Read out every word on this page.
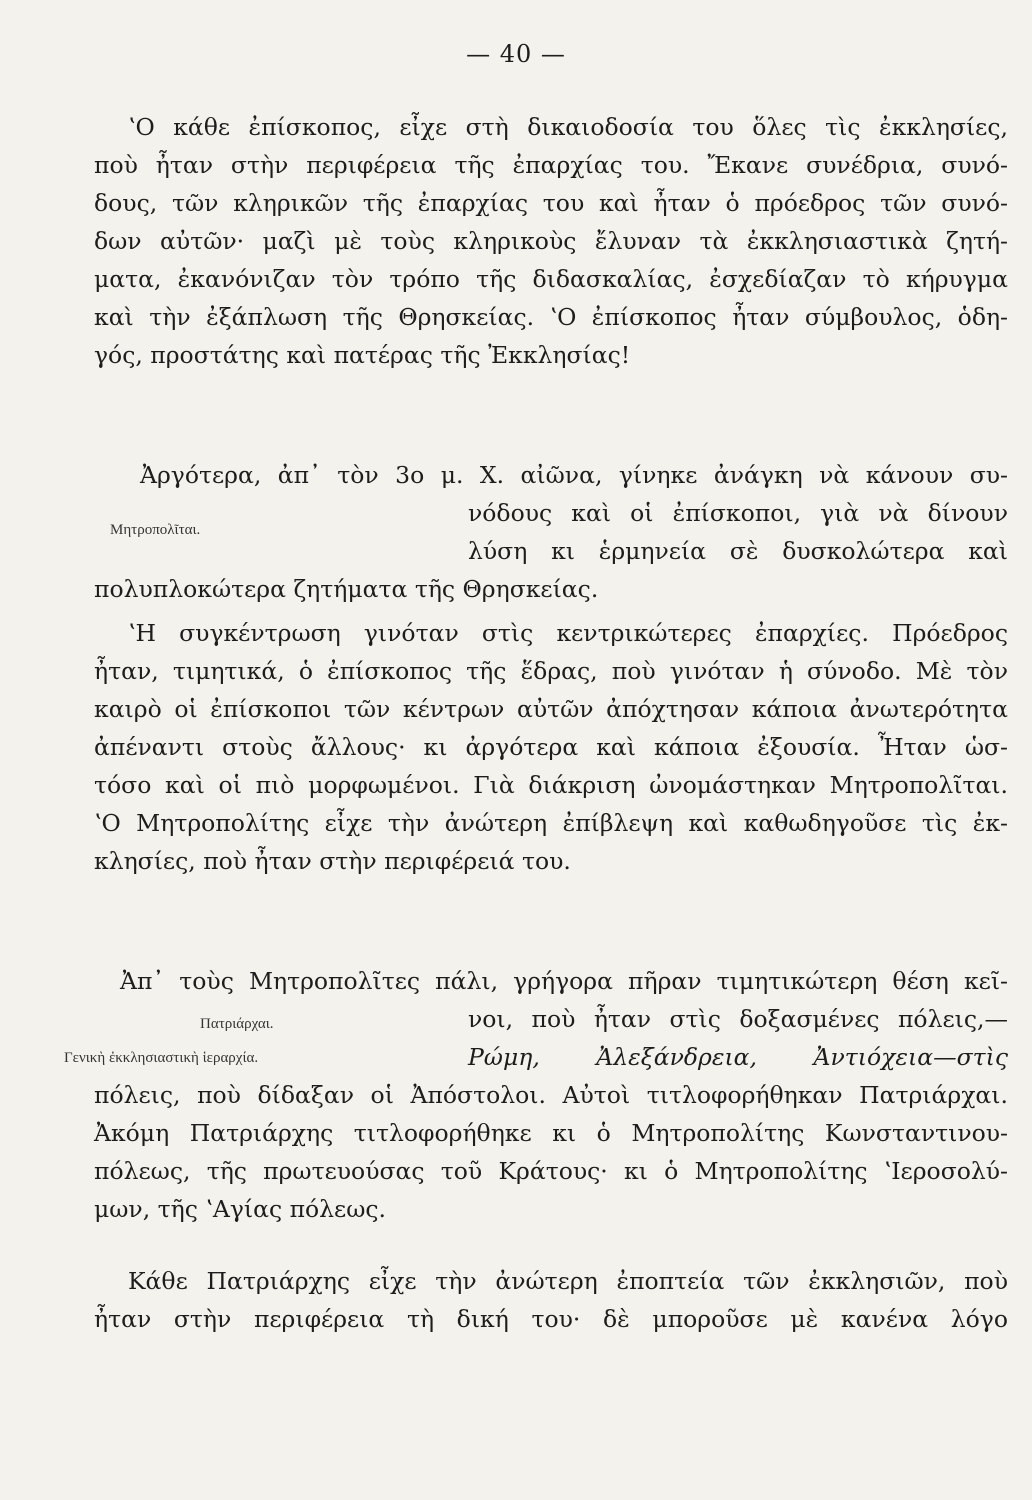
— 40 —
ʽΟ κάθε ἐπίσκοπος, εἶχε στὴ δικαιοδοσία του ὅλες τὶς ἐκκλησίες,
ποὺ ἦταν στὴν περιφέρεια τῆς ἐπαρχίας του. Ἔκανε συνέδρια, συνό-
δους, τῶν κληρικῶν τῆς ἐπαρχίας του καὶ ἦταν ὁ πρόεδρος τῶν συνό-
δων αὐτῶν· μαζὶ μὲ τοὺς κληρικοὺς ἔλυναν τὰ ἐκκλησιαστικὰ ζητή-
ματα, ἐκανόνιζαν τὸν τρόπο τῆς διδασκαλίας, ἐσχεδίαζαν τὸ κήρυγμα
καὶ τὴν ἐξάπλωση τῆς Θρησκείας. ʽΟ ἐπίσκοπος ἦταν σύμβουλος, ὁδη-
γός, προστάτης καὶ πατέρας τῆς Ἐκκλησίας!
Ἀργότερα, ἀπ᾿ τὸν 3ο μ. Χ. αἰῶνα, γίνηκε ἀνάγκη νὰ κάνουν συ-
νόδους καὶ οἱ ἐπίσκοποι, γιὰ νὰ δίνουν
Μητροπολῖται.
λύση κι ἑρμηνεία σὲ δυσκολώτερα καὶ
πολυπλοκώτερα ζητήματα τῆς Θρησκείας.
ʽΗ συγκέντρωση γινόταν στὶς κεντρικώτερες ἐπαρχίες. Πρόεδρος
ἦταν, τιμητικά, ὁ ἐπίσκοπος τῆς ἕδρας, ποὺ γινόταν ἡ σύνοδο. Μὲ τὸν
καιρὸ οἱ ἐπίσκοποι τῶν κέντρων αὐτῶν ἀπόχτησαν κάποια ἀνωτερότητα
ἀπέναντι στοὺς ἄλλους· κι ἀργότερα καὶ κάποια ἐξουσία. Ἦταν ὡσ-
τόσο καὶ οἱ πιὸ μορφωμένοι. Γιὰ διάκριση ὠνομάστηκαν Μητροπολῖται.
ʽΟ Μητροπολίτης εἶχε τὴν ἀνώτερη ἐπίβλεψη καὶ καθωδηγοῦσε τὶς ἐκ-
κλησίες, ποὺ ἦταν στὴν περιφέρειά του.
Ἀπ᾿ τοὺς Μητροπολῖτες πάλι, γρήγορα πῆραν τιμητικώτερη θέση κεῖ-
Πατριάρχαι.	νοι, ποὺ ἦταν στὶς δοξασμένες πόλεις,—
Γενικὴ ἐκκλησιαστικὴ ἱεραρχία.	Ρώμη, Ἀλεξάνδρεια, Ἀντιόχεια—στὶς
πόλεις, ποὺ δίδαξαν οἱ Ἀπόστολοι. Αὐτοὶ τιτλοφορήθηκαν Πατριάρχαι.
Ἀκόμη Πατριάρχης τιτλοφορήθηκε κι ὁ Μητροπολίτης Κωνσταντινου-
πόλεως, τῆς πρωτευούσας τοῦ Κράτους· κι ὁ Μητροπολίτης ʽΙεροσολύ-
μων, τῆς ʽΑγίας πόλεως.
Κάθε Πατριάρχης εἶχε τὴν ἀνώτερη ἐποπτεία τῶν ἐκκλησιῶν, ποὺ
ἦταν στὴν περιφέρεια τὴ δική του· δὲ μποροῦσε μὲ κανένα λόγο
